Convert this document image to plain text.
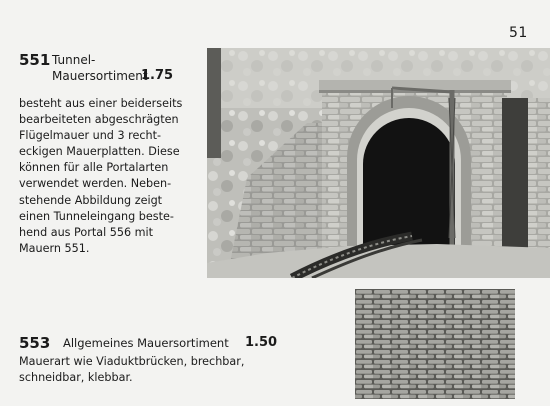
51
551 Tunnel-
Mauersortiment
1.75
besteht aus einer beiderseits
bearbeiteten abgeschrägten
Flügelmauer und 3 recht-
eckigen Mauerplatten. Diese
können für alle Portalarten
verwendet werden. Neben-
stehende Abbildung zeigt
einen Tunneleingang beste-
hend aus Portal 556 mit
Mauern 551.
553 Allgemeines Mauersortiment 1.50
Mauerart wie Viaduktbrücken, brechbar,
schneidbar, klebbar.
